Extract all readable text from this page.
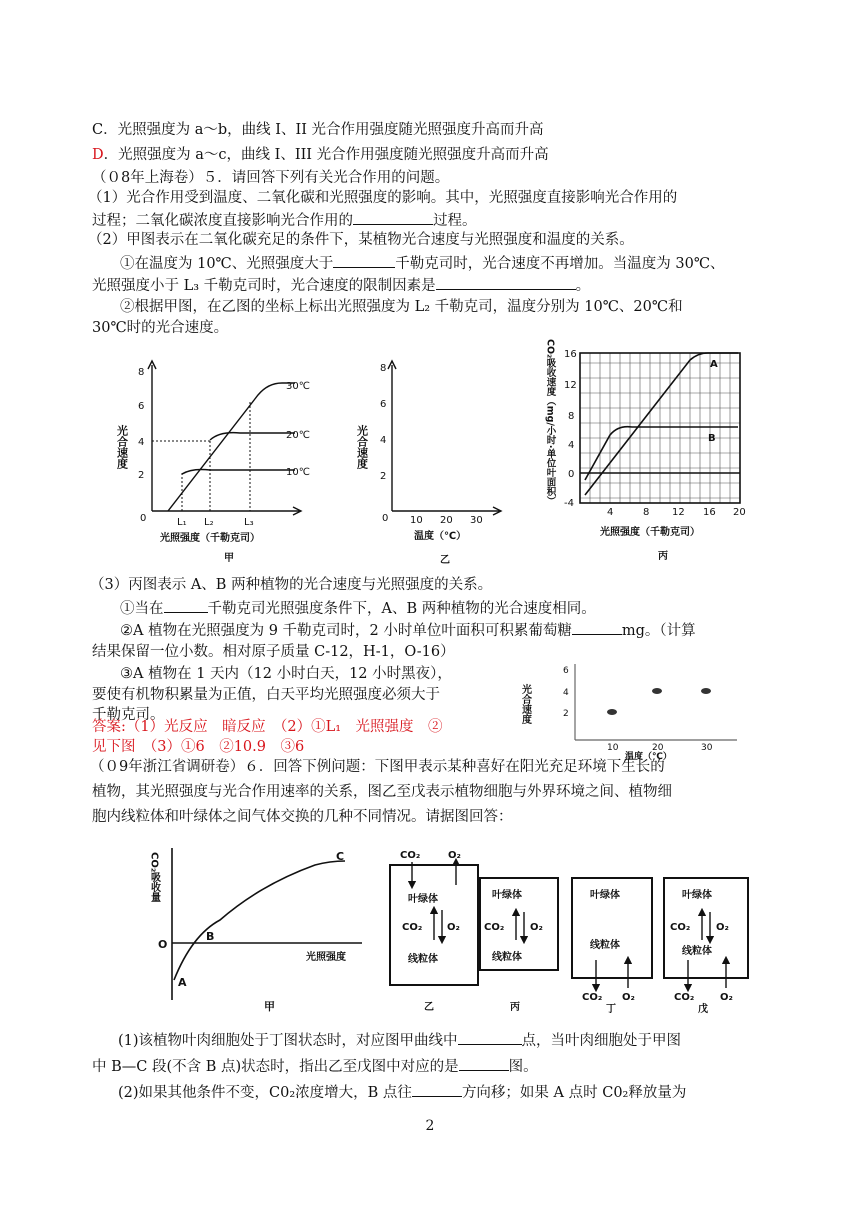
C．光照强度为 a～b，曲线 I、II 光合作用强度随光照强度升高而升高
D．光照强度为 a～c，曲线 I、III 光合作用强度随光照强度升高而升高
（０8年上海卷）５．请回答下列有关光合作用的问题。
（1）光合作用受到温度、二氧化碳和光照强度的影响。其中，光照强度直接影响光合作用的
过程；二氧化碳浓度直接影响光合作用的	过程。
（2）甲图表示在二氧化碳充足的条件下，某植物光合速度与光照强度和温度的关系。
①在温度为 10℃、光照强度大于	千勒克司时，光合速度不再增加。当温度为 30℃、
光照强度小于 L₃ 千勒克司时，光合速度的限制因素是	。
②根据甲图，在乙图的坐标上标出光照强度为 L₂ 千勒克司，温度分别为 10℃、20℃和
30℃时的光合速度。
8
6
4
2
0	L₁ L₂	L₃
30℃
20℃
10℃
光照强度（千勒克司）
甲
光合速度
8
6
4
2
0 10 20 30
温度（℃）
乙
光合速度
16
12
8
4
0
-4
4	8 12 16 20
A
B
光照强度（千勒克司）
丙
CO₂吸收速度（mg/小时·单位叶面积）
（3）丙图表示 A、B 两种植物的光合速度与光照强度的关系。
①当在	千勒克司光照强度条件下，A、B 两种植物的光合速度相同。
②A 植物在光照强度为 9 千勒克司时，2 小时单位叶面积可积累葡萄糖	mg。（计算
结果保留一位小数。相对原子质量 C-12，H-1，O-16）
③A 植物在 1 天内（12 小时白天，12 小时黑夜），
要使有机物积累量为正值，白天平均光照强度必须大于
千勒克司。
答案:（1）光反应　暗反应　（2）①L₁　光照强度　②
见下图　（3）①6　②10.9　③6
6
4
2
10	20	30
温度（℃）
光合速度
（０9年浙江省调研卷）６．回答下例问题：下图甲表示某种喜好在阳光充足环境下生长的
植物，其光照强度与光合作用速率的关系，图乙至戊表示植物细胞与外界环境之间、植物细
胞内线粒体和叶绿体之间气体交换的几种不同情况。请据图回答：
O
A
B
C
光照强度
甲
CO₂吸收量	CO₂	O₂
叶绿体
CO₂ O₂
线粒体
乙
叶绿体
CO₂	O₂
线粒体
丙
叶绿体
线粒体
CO₂ O₂
丁
叶绿体
CO₂	O₂
线粒体
CO₂	O₂
戊
(1)该植物叶肉细胞处于丁图状态时，对应图甲曲线中	点，当叶肉细胞处于甲图
中 B—C 段(不含 B 点)状态时，指出乙至戊图中对应的是	图。
(2)如果其他条件不变，C0₂浓度增大，B 点往	方向移；如果 A 点时 C0₂释放量为
2
